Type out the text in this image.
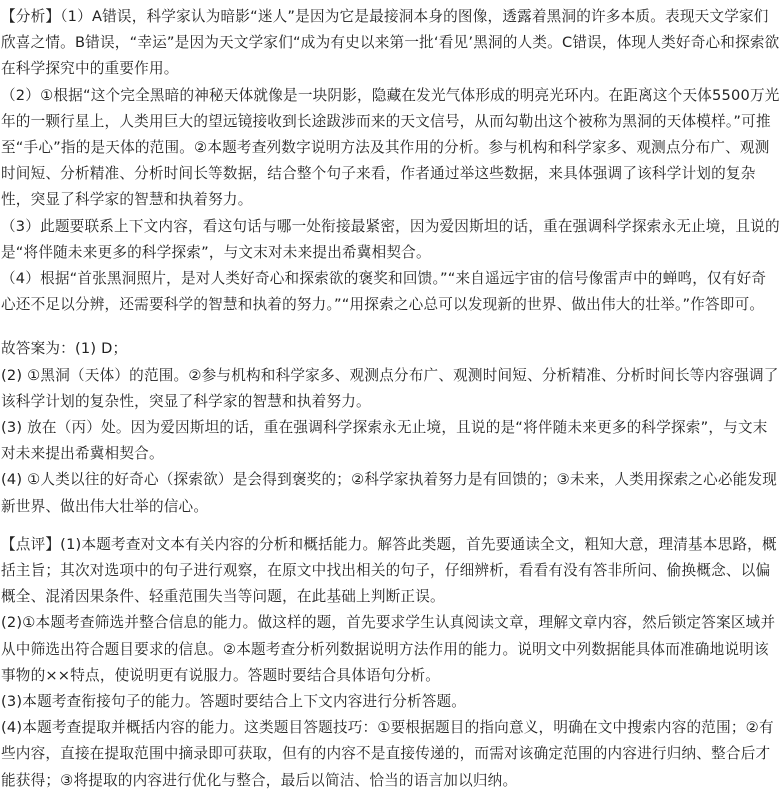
【分析】（1）A错误，科学家认为暗影“迷人”是因为它是最接洞本身的图像，透露着黑洞的许多本质。表现天文学家们欣喜之情。B错误，“幸运”是因为天文学家们“成为有史以来第一批‘看见’黑洞的人类。C错误，体现人类好奇心和探索欲在科学探究中的重要作用。

（2）①根据“这个完全黑暗的神秘天体就像是一块阴影，隐藏在发光气体形成的明亮光环内。在距离这个天体5500万光年的一颗行星上，人类用巨大的望远镜接收到长途跋涉而来的天文信号，从而勾勒出这个被称为黑洞的天体模样。”可推至“手心”指的是天体的范围。②本题考查列数字说明方法及其作用的分析。参与机构和科学家多、观测点分布广、观测时间短、分析精准、分析时间长等数据，结合整个句子来看，作者通过举这些数据，来具体强调了该科学计划的复杂性，突显了科学家的智慧和执着努力。

（3）此题要联系上下文内容，看这句话与哪一处衔接最紧密，因为爱因斯坦的话，重在强调科学探索永无止境，且说的是“将伴随未来更多的科学探索”，与文末对未来提出希冀相契合。

（4）根据“首张黑洞照片，是对人类好奇心和探索欲的褒奖和回馈。”“来自遥远宇宙的信号像雷声中的蝉鸣，仅有好奇心还不足以分辨，还需要科学的智慧和执着的努力。”“用探索之心总可以发现新的世界、做出伟大的壮举。”作答即可。

故答案为：(1) D；

(2) ①黑洞（天体）的范围。②参与机构和科学家多、观测点分布广、观测时间短、分析精准、分析时间长等内容强调了该科学计划的复杂性，突显了科学家的智慧和执着努力。

(3) 放在（丙）处。因为爱因斯坦的话，重在强调科学探索永无止境，且说的是“将伴随未来更多的科学探索”，与文末对未来提出希冀相契合。

(4) ①人类以往的好奇心（探索欲）是会得到褒奖的；②科学家执着努力是有回馈的；③未来，人类用探索之心必能发现新世界、做出伟大壮举的信心。

【点评】(1)本题考查对文本有关内容的分析和概括能力。解答此类题，首先要通读全文，粗知大意，理清基本思路，概括主旨；其次对选项中的句子进行观察，在原文中找出相关的句子，仔细辨析，看看有没有答非所问、偷换概念、以偏概全、混淆因果条件、轻重范围失当等问题，在此基础上判断正误。

(2)①本题考查筛选并整合信息的能力。做这样的题，首先要求学生认真阅读文章，理解文章内容，然后锁定答案区域并从中筛选出符合题目要求的信息。②本题考查分析列数据说明方法作用的能力。说明文中列数据能具体而准确地说明该事物的××特点，使说明更有说服力。答题时要结合具体语句分析。

(3)本题考查衔接句子的能力。答题时要结合上下文内容进行分析答题。

(4)本题考查提取并概括内容的能力。这类题目答题技巧：①要根据题目的指向意义，明确在文中搜索内容的范围；②有些内容，直接在提取范围中摘录即可获取，但有的内容不是直接传递的，而需对该确定范围的内容进行归纳、整合后才能获得；③将提取的内容进行优化与整合，最后以简洁、恰当的语言加以归纳。
